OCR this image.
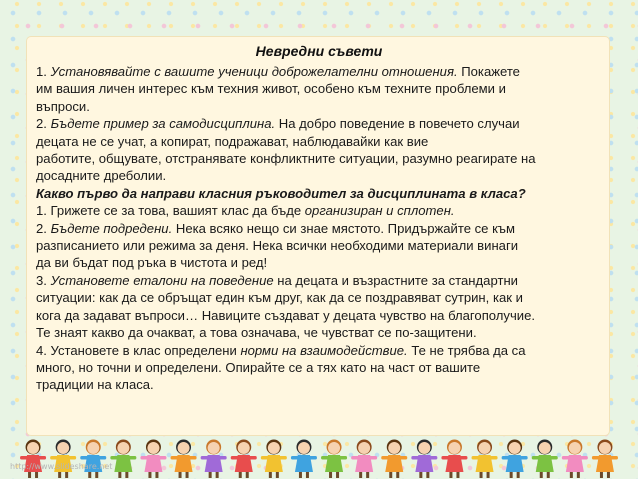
Невредни съвети

1. Установявайте с вашите ученици доброжелателни отношения. Покажете
им вашия личен интерес към техния живот, особено към техните проблеми и
въпроси.

2. Бъдете пример за самодисциплина. На добро поведение в повечето случаи
децата не се учат, а копират, подражават, наблюдавайки как вие
работите, общувате, отстранявате конфликтните ситуации, разумно реагирате на
досадните дреболии.

Какво първо да направи класния ръководител за дисциплината в класа?

1. Грижете се за това, вашият клас да бъде организиран и сплотен.

2. Бъдете подредени. Нека всяко нещо си знае мястото. Придържайте се към
разписанието или режима за деня. Нека всички необходими материали винаги
да ви бъдат под ръка в чистота и ред!

3. Установете еталони на поведение на децата и възрастните за стандартни
ситуации: как да се обръщат един към друг, как да се поздравяват сутрин, как и
кога да задават въпроси… Навиците създават у децата чувство на благополучие.
Те знаят какво да очакват, а това означава, че чувстват се по-защитени.

4. Установете в клас определени норми на взаимодействие. Те не трябва да са
много, но точни и определени. Опирайте се а тях като на част от вашите
традиции на класа.

http://www.slideshare.net
